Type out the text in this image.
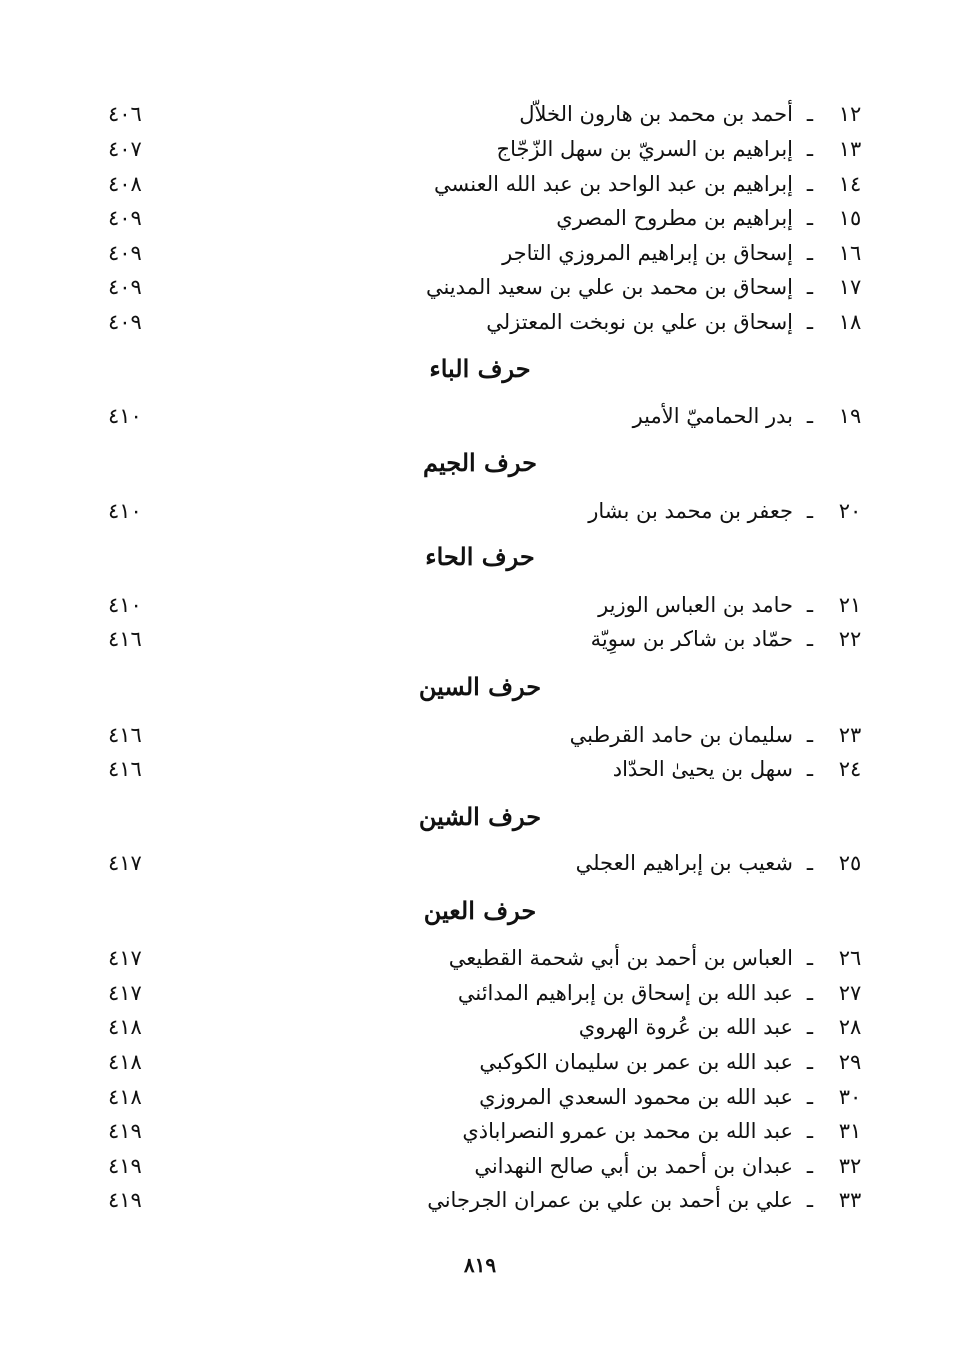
١٢
ـ
أحمد بن محمد بن هارون الخلاّل
٤٠٦
١٣
ـ
إبراهيم بن السريّ بن سهل الزّجّاج
٤٠٧
١٤
ـ
إبراهيم بن عبد الواحد بن عبد الله العنسي
٤٠٨
١٥
ـ
إبراهيم بن مطروح المصري
٤٠٩
١٦
ـ
إسحاق بن إبراهيم المروزي التاجر
٤٠٩
١٧
ـ
إسحاق بن محمد بن علي بن سعيد المديني
٤٠٩
١٨
ـ
إسحاق بن علي بن نوبخت المعتزلي
٤٠٩
حرف الباء
١٩
ـ
بدر الحماميّ الأمير
٤١٠
حرف الجيم
٢٠
ـ
جعفر بن محمد بن بشار
٤١٠
حرف الحاء
٢١
ـ
حامد بن العباس الوزير
٤١٠
٢٢
ـ
حمّاد بن شاكر بن سوِيّة
٤١٦
حرف السين
٢٣
ـ
سليمان بن حامد القرطبي
٤١٦
٢٤
ـ
سهل بن يحيىٰ الحدّاد
٤١٦
حرف الشين
٢٥
ـ
شعيب بن إبراهيم العجلي
٤١٧
حرف العين
٢٦
ـ
العباس بن أحمد بن أبي شحمة القطيعي
٤١٧
٢٧
ـ
عبد الله بن إسحاق بن إبراهيم المدائني
٤١٧
٢٨
ـ
عبد الله بن عُروة الهروي
٤١٨
٢٩
ـ
عبد الله بن عمر بن سليمان الكوكبي
٤١٨
٣٠
ـ
عبد الله بن محمود السعدي المروزي
٤١٨
٣١
ـ
عبد الله بن محمد بن عمرو النصراباذي
٤١٩
٣٢
ـ
عبدان بن أحمد بن أبي صالح النهداني
٤١٩
٣٣
ـ
علي بن أحمد بن علي بن عمران الجرجاني
٤١٩
٨١٩
